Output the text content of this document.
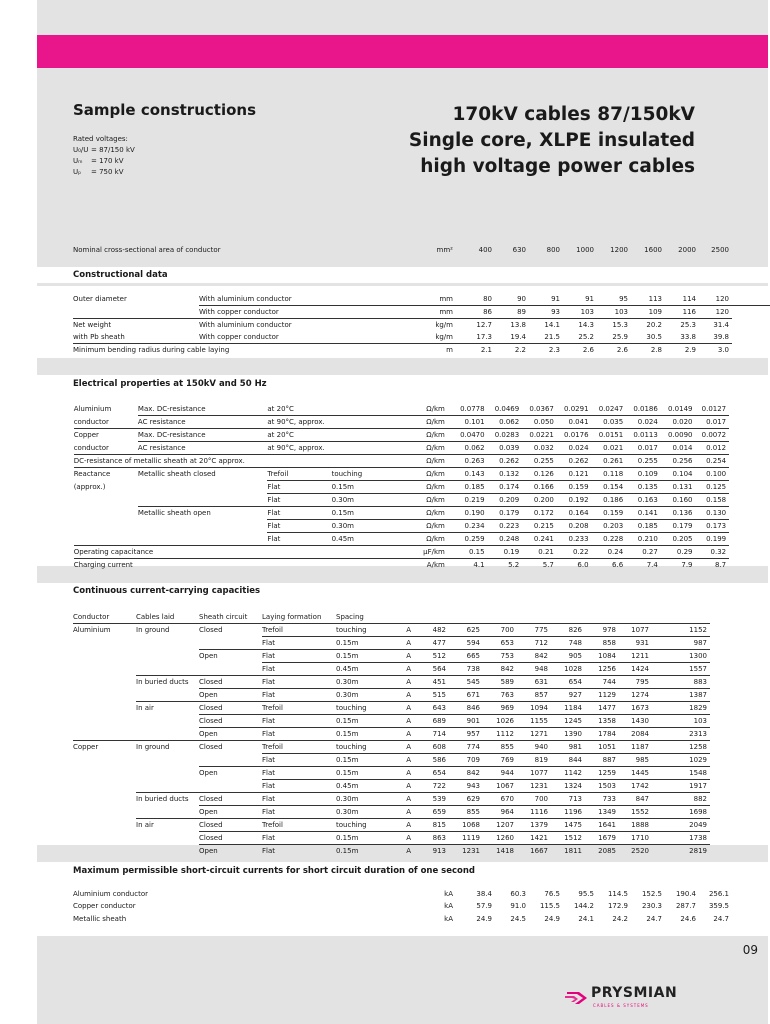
Sample constructions
Rated voltages:
U₀/U = 87/150 kV
Uₘ = 170 kV
Uₚ = 750 kV
170kV cables 87/150kV
Single core, XLPE insulated
high voltage power cables
	Nominal cross-sectional area of conductor	mm²	400	630	800	1000	1200	1600	2000	2500	
Constructional data
	Outer diameter	With aluminium conductor	mm	80	90	91	91	95	113	114	120	
		With copper conductor	mm	86	89	93	103	103	109	116	120	
	Net weight	With aluminium conductor	kg/m	12.7	13.8	14.1	14.3	15.3	20.2	25.3	31.4	
	with Pb sheath	With copper conductor	kg/m	17.3	19.4	21.5	25.2	25.9	30.5	33.8	39.8	
	Minimum bending radius during cable laying		m	2.1	2.2	2.3	2.6	2.6	2.8	2.9	3.0	
Electrical properties at 150kV and 50 Hz
	Aluminium	Max. DC-resistance	at 20°C		Ω/km	0.0778	0.0469	0.0367	0.0291	0.0247	0.0186	0.0149	0.0127	
	conductor	AC resistance	at 90°C, approx.		Ω/km	0.101	0.062	0.050	0.041	0.035	0.024	0.020	0.017	
	Copper	Max. DC-resistance	at 20°C		Ω/km	0.0470	0.0283	0.0221	0.0176	0.0151	0.0113	0.0090	0.0072	
	conductor	AC resistance	at 90°C, approx.		Ω/km	0.062	0.039	0.032	0.024	0.021	0.017	0.014	0.012	
	DC-resistance of metallic sheath at 20°C approx.				Ω/km	0.263	0.262	0.255	0.262	0.261	0.255	0.256	0.254	
	Reactance	Metallic sheath closed	Trefoil	touching	Ω/km	0.143	0.132	0.126	0.121	0.118	0.109	0.104	0.100	
	(approx.)		Flat	0.15m	Ω/km	0.185	0.174	0.166	0.159	0.154	0.135	0.131	0.125	
			Flat	0.30m	Ω/km	0.219	0.209	0.200	0.192	0.186	0.163	0.160	0.158	
		Metallic sheath open	Flat	0.15m	Ω/km	0.190	0.179	0.172	0.164	0.159	0.141	0.136	0.130	
			Flat	0.30m	Ω/km	0.234	0.223	0.215	0.208	0.203	0.185	0.179	0.173	
			Flat	0.45m	Ω/km	0.259	0.248	0.241	0.233	0.228	0.210	0.205	0.199	
	Operating capacitance				µF/km	0.15	0.19	0.21	0.22	0.24	0.27	0.29	0.32	
	Charging current				A/km	4.1	5.2	5.7	6.0	6.6	7.4	7.9	8.7	
Continuous current-carrying capacities
	Conductor	Cables laid	Sheath circuit	Laying formation	Spacing										
	Aluminium	In ground	Closed	Trefoil	touching	A	482	625	700	775	826	978	1077	1152	
				Flat	0.15m	A	477	594	653	712	748	858	931	987	
			Open	Flat	0.15m	A	512	665	753	842	905	1084	1211	1300	
				Flat	0.45m	A	564	738	842	948	1028	1256	1424	1557	
		In buried ducts	Closed	Flat	0.30m	A	451	545	589	631	654	744	795	883	
			Open	Flat	0.30m	A	515	671	763	857	927	1129	1274	1387	
		In air	Closed	Trefoil	touching	A	643	846	969	1094	1184	1477	1673	1829	
			Closed	Flat	0.15m	A	689	901	1026	1155	1245	1358	1430	103	
			Open	Flat	0.15m	A	714	957	1112	1271	1390	1784	2084	2313	
	Copper	In ground	Closed	Trefoil	touching	A	608	774	855	940	981	1051	1187	1258	
				Flat	0.15m	A	586	709	769	819	844	887	985	1029	
			Open	Flat	0.15m	A	654	842	944	1077	1142	1259	1445	1548	
				Flat	0.45m	A	722	943	1067	1231	1324	1503	1742	1917	
		In buried ducts	Closed	Flat	0.30m	A	539	629	670	700	713	733	847	882	
			Open	Flat	0.30m	A	659	855	964	1116	1196	1349	1552	1698	
		In air	Closed	Trefoil	touching	A	815	1068	1207	1379	1475	1641	1888	2049	
			Closed	Flat	0.15m	A	863	1119	1260	1421	1512	1679	1710	1738	
			Open	Flat	0.15m	A	913	1231	1418	1667	1811	2085	2520	2819	
Maximum permissible short-circuit currents for short circuit duration of one second
	Aluminium conductor	kA	38.4	60.3	76.5	95.5	114.5	152.5	190.4	256.1	
	Copper conductor	kA	57.9	91.0	115.5	144.2	172.9	230.3	287.7	359.5	
	Metallic sheath	kA	24.9	24.5	24.9	24.1	24.2	24.7	24.6	24.7	
09
PRYSMIAN
CABLES & SYSTEMS
